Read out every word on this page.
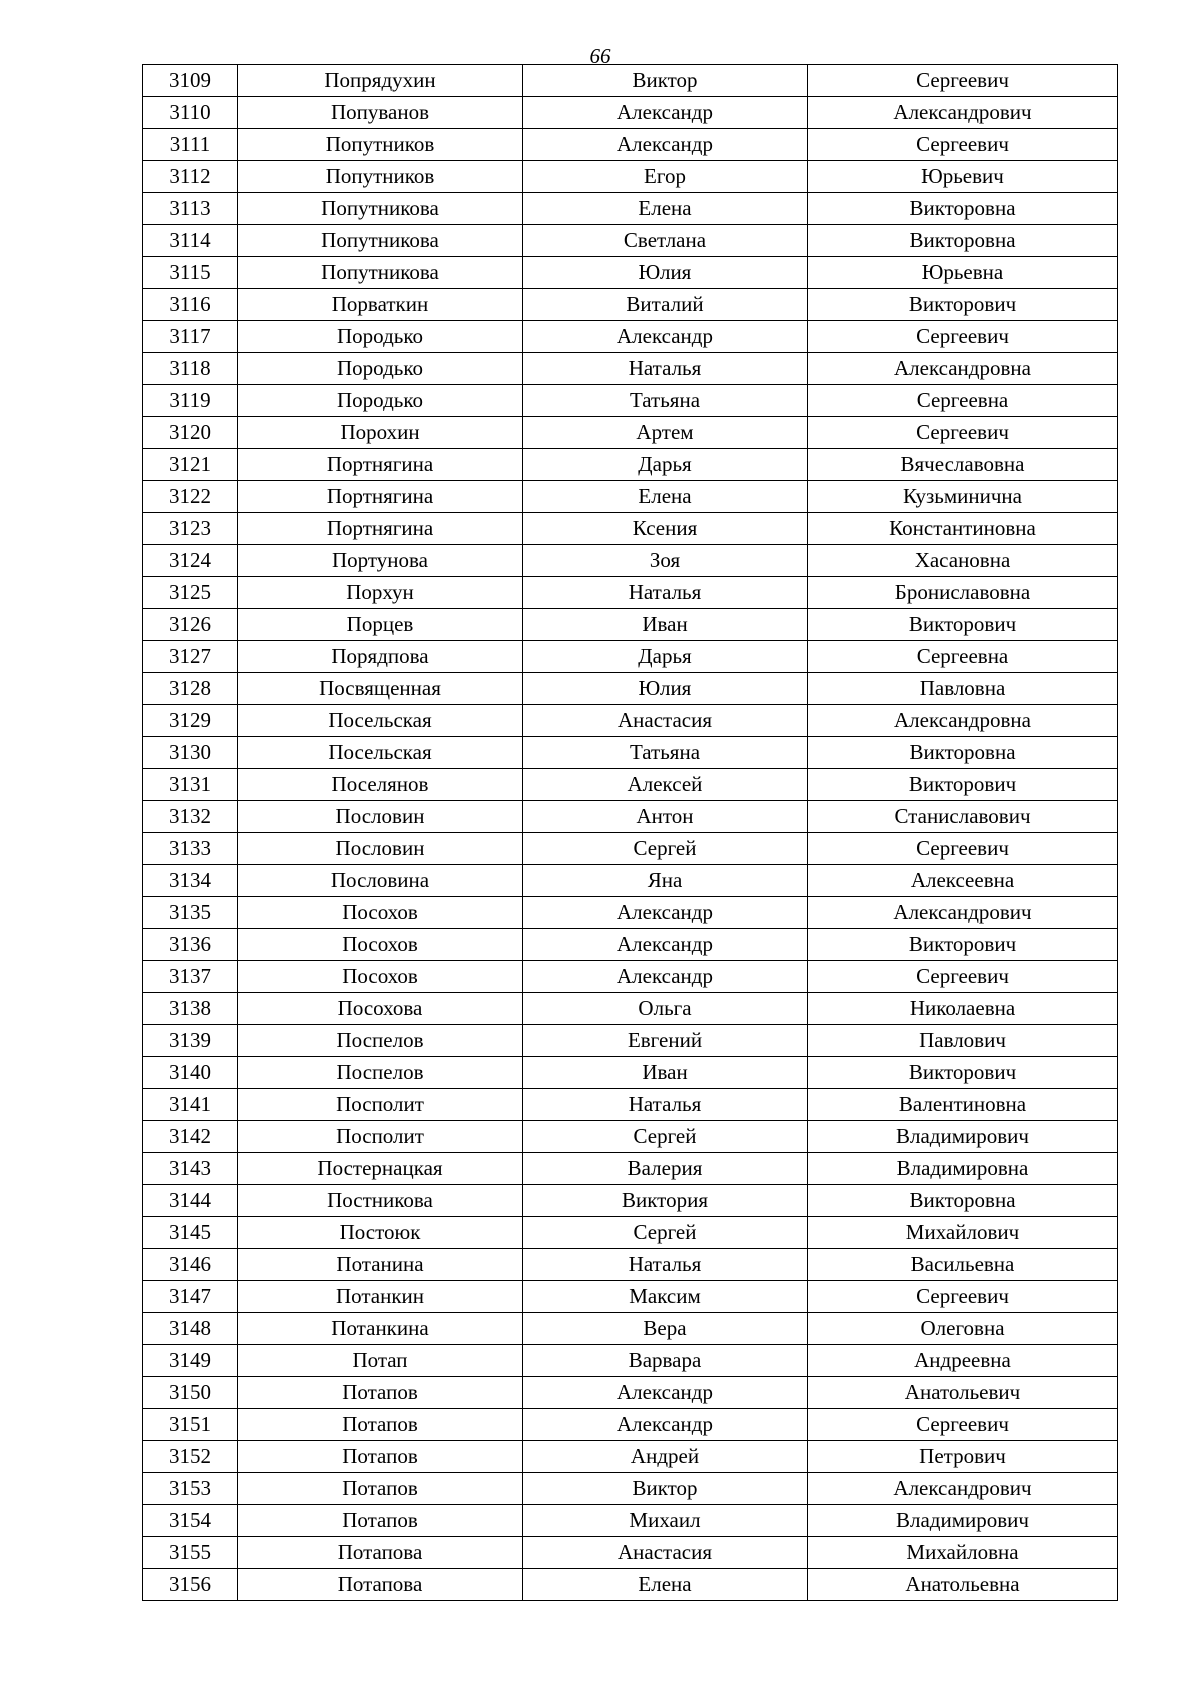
66
3109	Попрядухин	Виктор	Сергеевич
3110	Попуванов	Александр	Александрович
3111	Попутников	Александр	Сергеевич
3112	Попутников	Егор	Юрьевич
3113	Попутникова	Елена	Викторовна
3114	Попутникова	Светлана	Викторовна
3115	Попутникова	Юлия	Юрьевна
3116	Порваткин	Виталий	Викторович
3117	Породько	Александр	Сергеевич
3118	Породько	Наталья	Александровна
3119	Породько	Татьяна	Сергеевна
3120	Порохин	Артем	Сергеевич
3121	Портнягина	Дарья	Вячеславовна
3122	Портнягина	Елена	Кузьминична
3123	Портнягина	Ксения	Константиновна
3124	Портунова	Зоя	Хасановна
3125	Порхун	Наталья	Брониславовна
3126	Порцев	Иван	Викторович
3127	Порядпова	Дарья	Сергеевна
3128	Посвященная	Юлия	Павловна
3129	Посельская	Анастасия	Александровна
3130	Посельская	Татьяна	Викторовна
3131	Поселянов	Алексей	Викторович
3132	Пословин	Антон	Станиславович
3133	Пословин	Сергей	Сергеевич
3134	Пословина	Яна	Алексеевна
3135	Посохов	Александр	Александрович
3136	Посохов	Александр	Викторович
3137	Посохов	Александр	Сергеевич
3138	Посохова	Ольга	Николаевна
3139	Поспелов	Евгений	Павлович
3140	Поспелов	Иван	Викторович
3141	Посполит	Наталья	Валентиновна
3142	Посполит	Сергей	Владимирович
3143	Постернацкая	Валерия	Владимировна
3144	Постникова	Виктория	Викторовна
3145	Постоюк	Сергей	Михайлович
3146	Потанина	Наталья	Васильевна
3147	Потанкин	Максим	Сергеевич
3148	Потанкина	Вера	Олеговна
3149	Потап	Варвара	Андреевна
3150	Потапов	Александр	Анатольевич
3151	Потапов	Александр	Сергеевич
3152	Потапов	Андрей	Петрович
3153	Потапов	Виктор	Александрович
3154	Потапов	Михаил	Владимирович
3155	Потапова	Анастасия	Михайловна
3156	Потапова	Елена	Анатольевна
